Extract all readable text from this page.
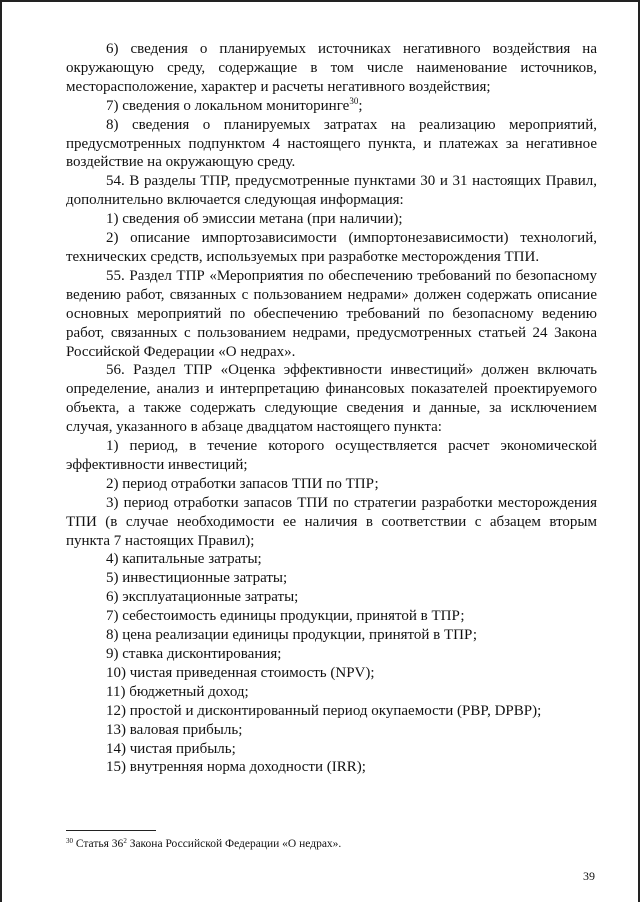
6) сведения о планируемых источниках негативного воздействия на окружающую среду, содержащие в том числе наименование источников, месторасположение, характер и расчеты негативного воздействия;

7) сведения о локальном мониторинге$^{30}$;

8) сведения о планируемых затратах на реализацию мероприятий, предусмотренных подпунктом 4 настоящего пункта, и платежах за негативное воздействие на окружающую среду.

54. В разделы ТПР, предусмотренные пунктами 30 и 31 настоящих Правил, дополнительно включается следующая информация:

1) сведения об эмиссии метана (при наличии);

2) описание импортозависимости (импортонезависимости) технологий, технических средств, используемых при разработке месторождения ТПИ.

55. Раздел ТПР «Мероприятия по обеспечению требований по безопасному ведению работ, связанных с пользованием недрами» должен содержать описание основных мероприятий по обеспечению требований по безопасному ведению работ, связанных с пользованием недрами, предусмотренных статьей 24 Закона Российской Федерации «О недрах».

56. Раздел ТПР «Оценка эффективности инвестиций» должен включать определение, анализ и интерпретацию финансовых показателей проектируемого объекта, а также содержать следующие сведения и данные, за исключением случая, указанного в абзаце двадцатом настоящего пункта:

1) период, в течение которого осуществляется расчет экономической эффективности инвестиций;

2) период отработки запасов ТПИ по ТПР;

3) период отработки запасов ТПИ по стратегии разработки месторождения ТПИ (в случае необходимости ее наличия в соответствии с абзацем вторым пункта 7 настоящих Правил);

4) капитальные затраты;

5) инвестиционные затраты;

6) эксплуатационные затраты;

7) себестоимость единицы продукции, принятой в ТПР;

8) цена реализации единицы продукции, принятой в ТПР;

9) ставка дисконтирования;

10) чистая приведенная стоимость (NPV);

11) бюджетный доход;

12) простой и дисконтированный период окупаемости (PBP, DPBP);

13) валовая прибыль;

14) чистая прибыль;

15) внутренняя норма доходности (IRR);

$^{30}$ Статья $36^2$ Закона Российской Федерации «О недрах».
39
